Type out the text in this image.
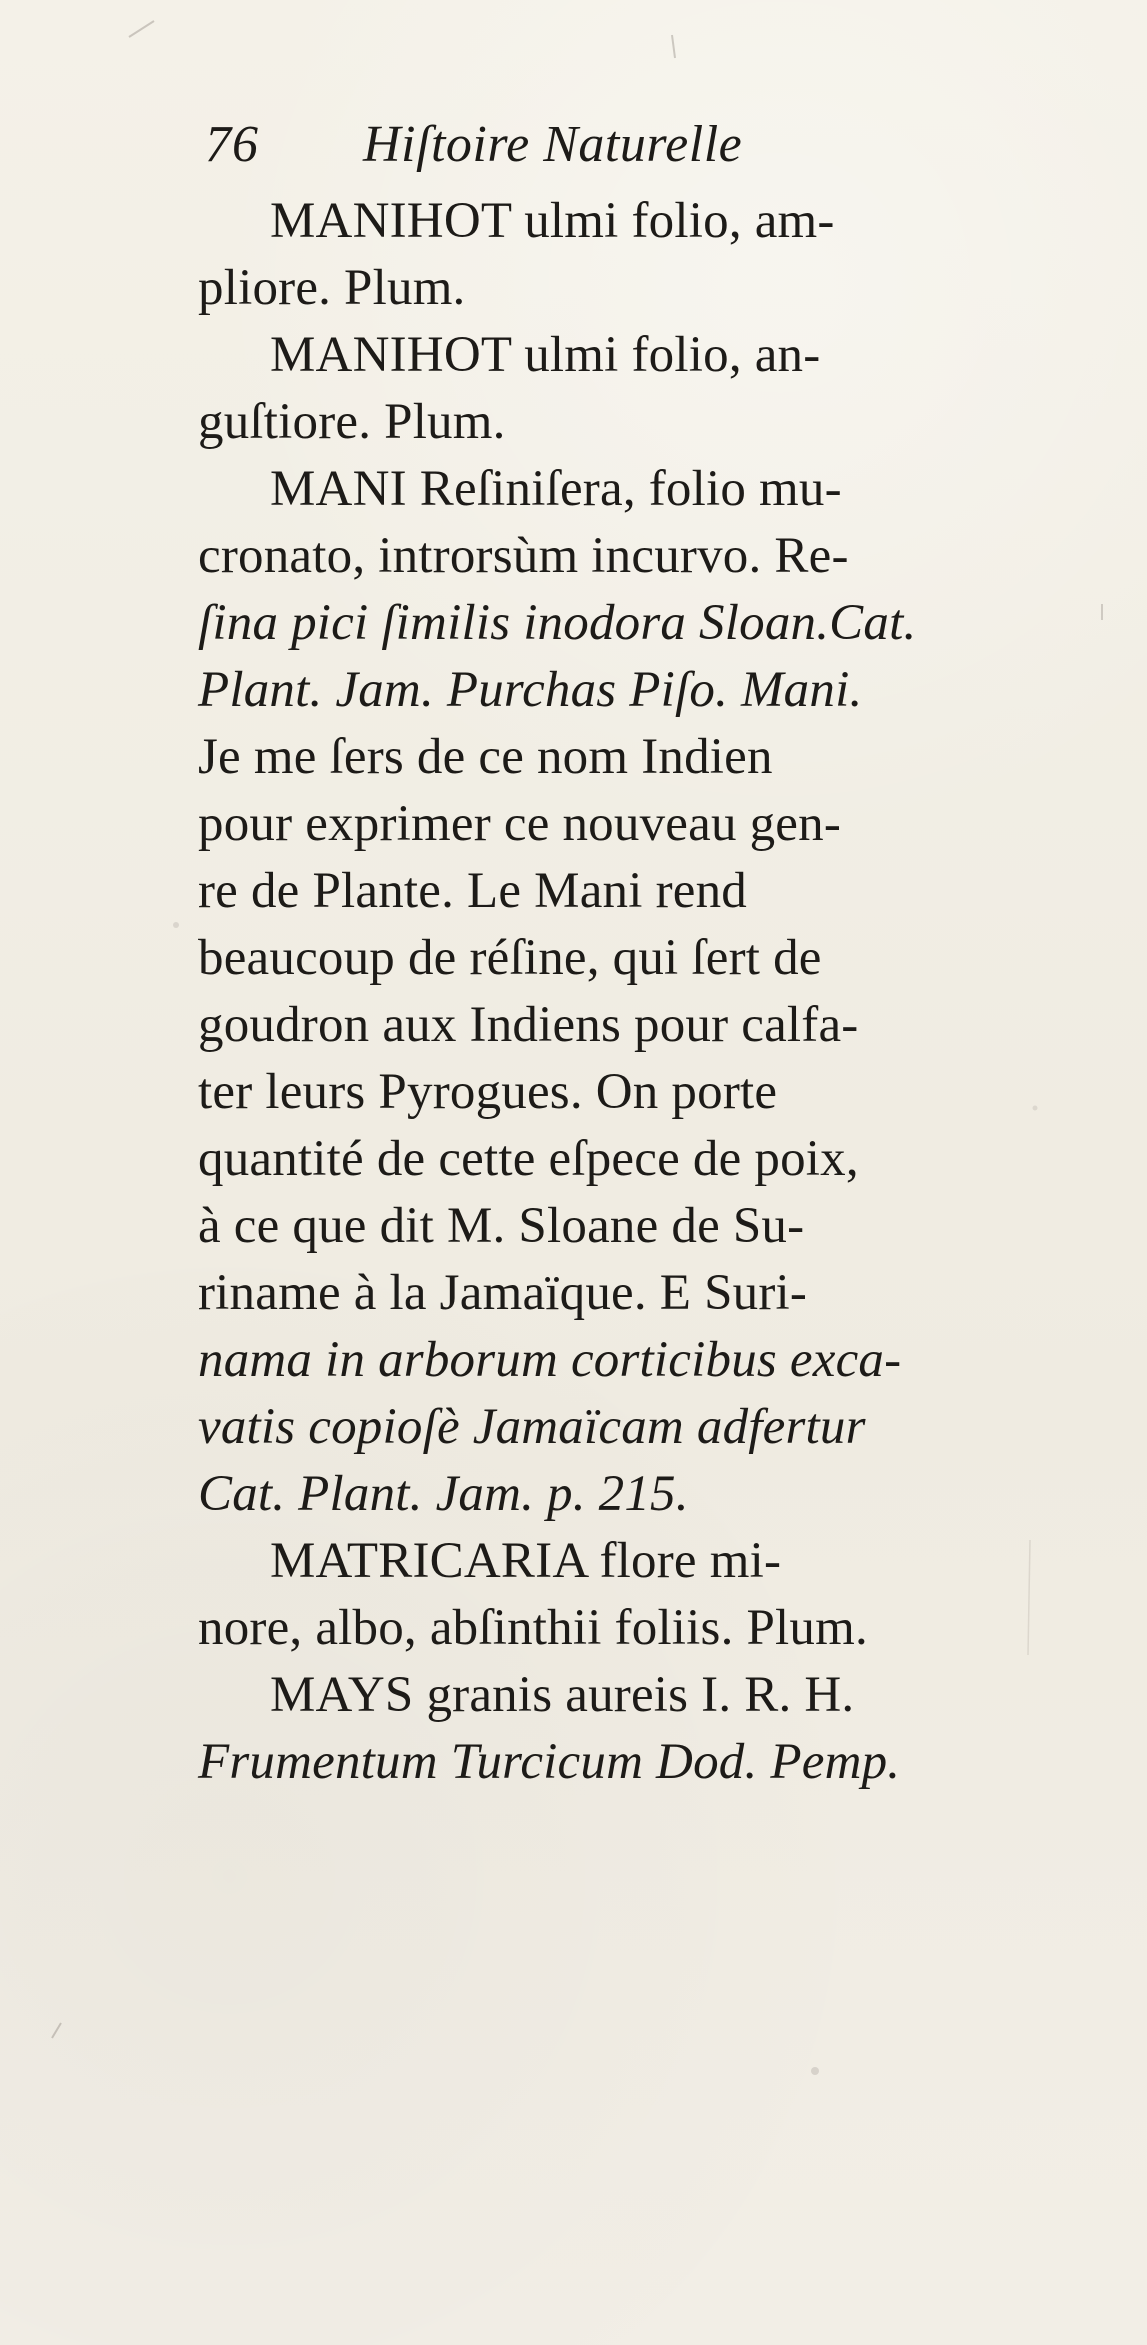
76 Hiſtoire Naturelle
MANIHOT ulmi folio, am-
pliore. Plum.
MANIHOT ulmi folio, an-
guſtiore. Plum.
MANI Reſiniſera, folio mu-
cronato, introrsùm incurvo. Re-
ſina pici ſimilis inodora Sloan.Cat.
Plant. Jam. Purchas Piſo. Mani.
Je me ſers de ce nom Indien
pour exprimer ce nouveau gen-
re de Plante. Le Mani rend
beaucoup de réſine, qui ſert de
goudron aux Indiens pour calfa-
ter leurs Pyrogues. On porte
quantité de cette eſpece de poix,
à ce que dit M. Sloane de Su-
riname à la Jamaïque. E Suri-
nama in arborum corticibus exca-
vatis copioſè Jamaïcam adfertur
Cat. Plant. Jam. p. 215.
MATRICARIA flore mi-
nore, albo, abſinthii foliis. Plum.
MAYS granis aureis I. R. H.
Frumentum Turcicum Dod. Pemp.
